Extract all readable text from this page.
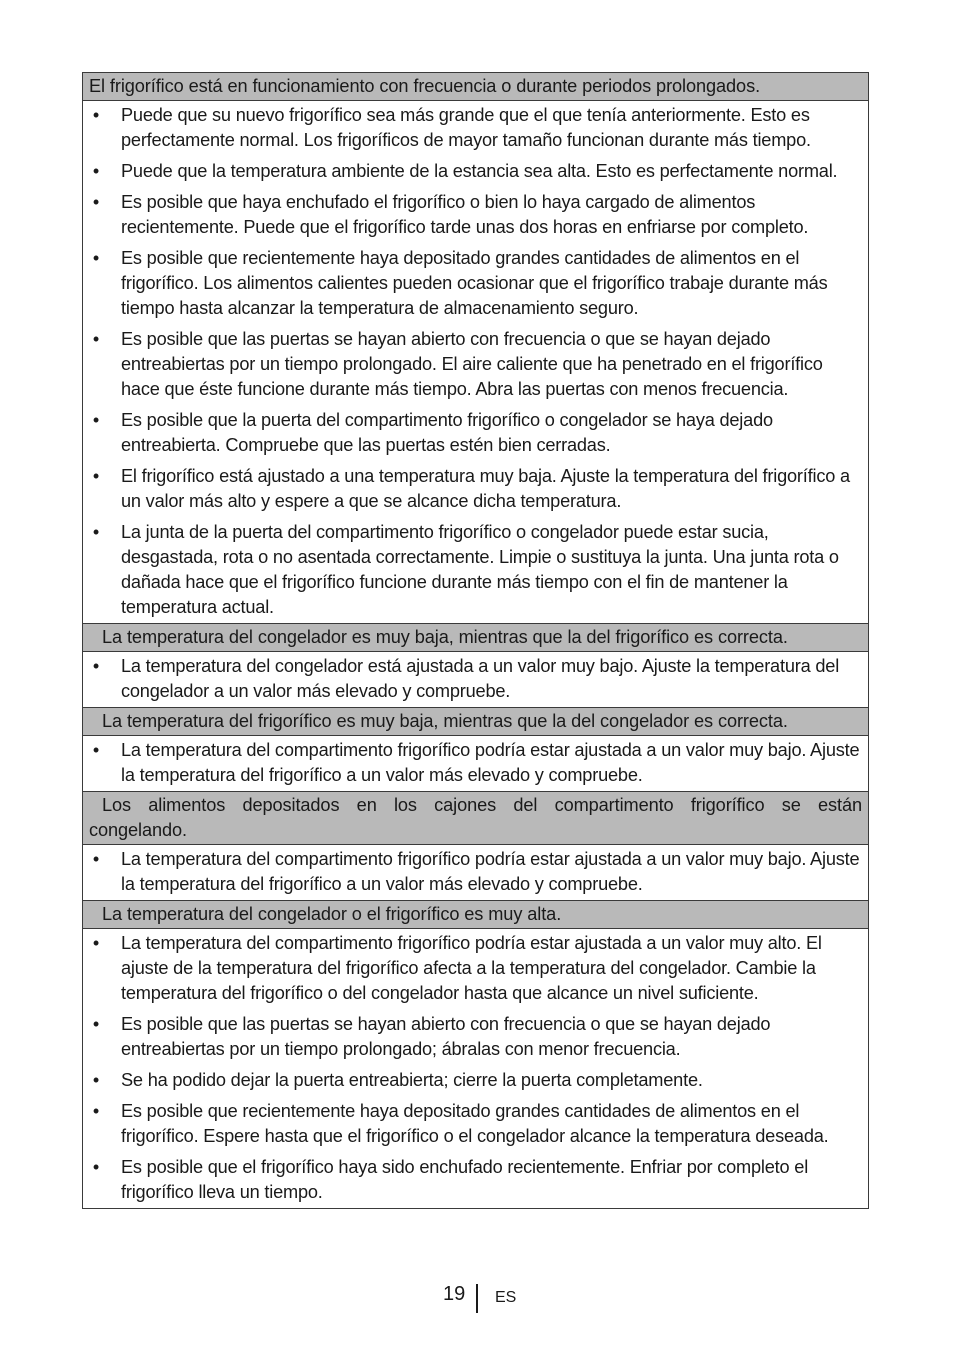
El frigorífico está en funcionamiento con frecuencia o durante periodos prolongados.
• Puede que su nuevo frigorífico sea más grande que el que tenía anteriormente. Esto es perfectamente normal. Los frigoríficos de mayor tamaño funcionan durante más tiempo.
• Puede que la temperatura ambiente de la estancia sea alta. Esto es perfectamente normal.
• Es posible que haya enchufado el frigorífico o bien lo haya cargado de alimentos recientemente. Puede que el frigorífico tarde unas dos horas en enfriarse por completo.
• Es posible que recientemente haya depositado grandes cantidades de alimentos en el frigorífico. Los alimentos calientes pueden ocasionar que el frigorífico trabaje durante más tiempo hasta alcanzar la temperatura de almacenamiento seguro.
• Es posible que las puertas se hayan abierto con frecuencia o que se hayan dejado entreabiertas por un tiempo prolongado. El aire caliente que ha penetrado en el frigorífico hace que éste funcione durante más tiempo. Abra las puertas con menos frecuencia.
• Es posible que la puerta del compartimento frigorífico o congelador se haya dejado entreabierta. Compruebe que las puertas estén bien cerradas.
• El frigorífico está ajustado a una temperatura muy baja. Ajuste la temperatura del frigorífico a un valor más alto y espere a que se alcance dicha temperatura.
• La junta de la puerta del compartimento frigorífico o congelador puede estar sucia, desgastada, rota o no asentada correctamente. Limpie o sustituya la junta. Una junta rota o dañada hace que el frigorífico funcione durante más tiempo con el fin de mantener la temperatura actual.
La temperatura del congelador es muy baja, mientras que la del frigorífico es correcta.
• La temperatura del congelador está ajustada a un valor muy bajo. Ajuste la temperatura del congelador a un valor más elevado y compruebe.
La temperatura del frigorífico es muy baja, mientras que la del congelador es correcta.
• La temperatura del compartimento frigorífico podría estar ajustada a un valor muy bajo. Ajuste la temperatura del frigorífico a un valor más elevado y compruebe.
Los alimentos depositados en los cajones del compartimento frigorífico se están
congelando.
• La temperatura del compartimento frigorífico podría estar ajustada a un valor muy bajo. Ajuste la temperatura del frigorífico a un valor más elevado y compruebe.
La temperatura del congelador o el frigorífico es muy alta.
• La temperatura del compartimento frigorífico podría estar ajustada a un valor muy alto. El ajuste de la temperatura del frigorífico afecta a la temperatura del congelador. Cambie la temperatura del frigorífico o del congelador hasta que alcance un nivel suficiente.
• Es posible que las puertas se hayan abierto con frecuencia o que se hayan dejado entreabiertas por un tiempo prolongado; ábralas con menor frecuencia.
• Se ha podido dejar la puerta entreabierta; cierre la puerta completamente.
• Es posible que recientemente haya depositado grandes cantidades de alimentos en el frigorífico. Espere hasta que el frigorífico o el congelador alcance la temperatura deseada.
• Es posible que el frigorífico haya sido enchufado recientemente. Enfriar por completo el frigorífico lleva un tiempo.
19 ES
